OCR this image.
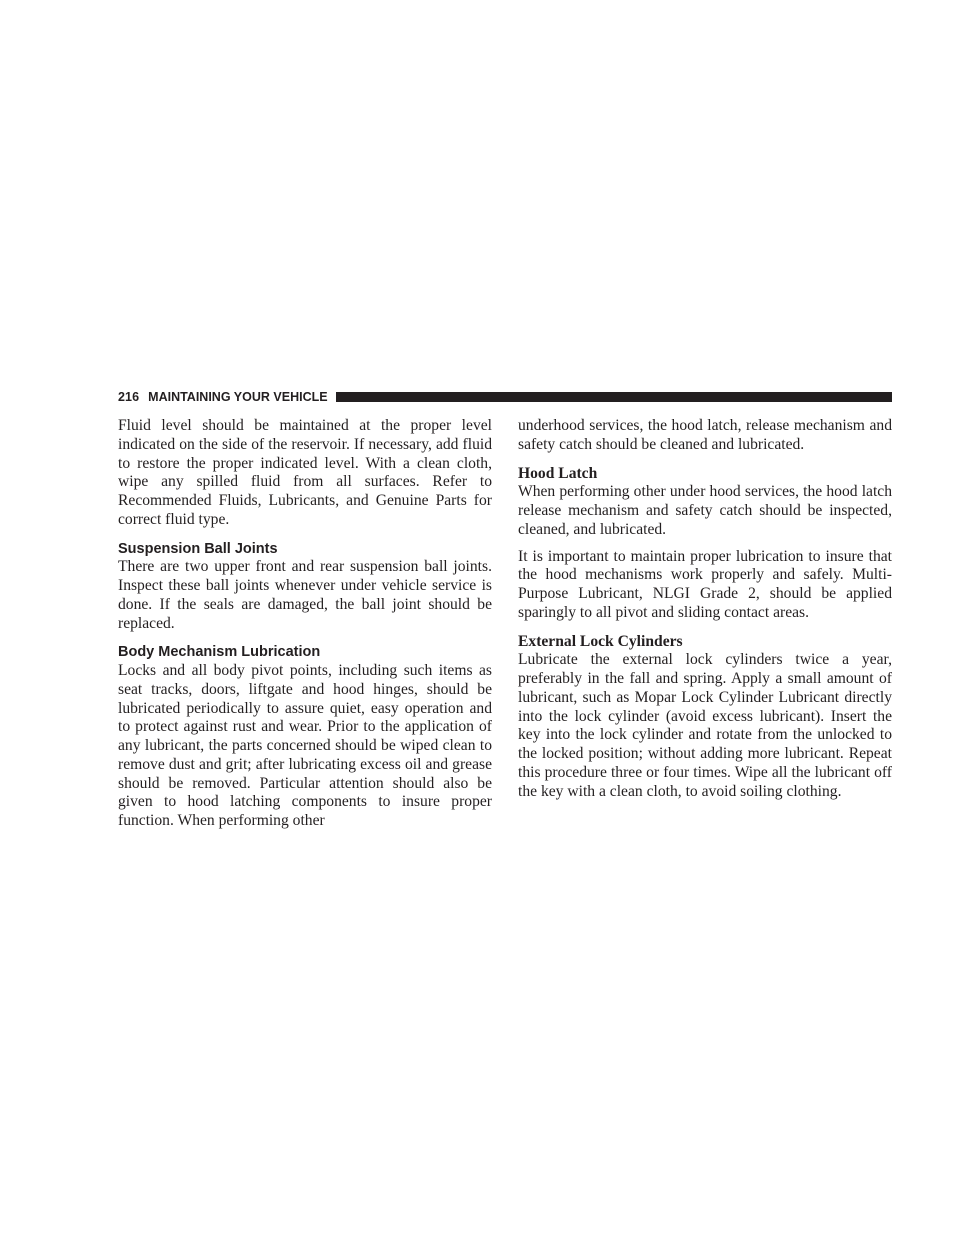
216 MAINTAINING YOUR VEHICLE

Fluid level should be maintained at the proper level indicated on the side of the reservoir. If necessary, add fluid to restore the proper indicated level. With a clean cloth, wipe any spilled fluid from all surfaces. Refer to Recommended Fluids, Lubricants, and Genuine Parts for correct fluid type.

Suspension Ball Joints

There are two upper front and rear suspension ball joints. Inspect these ball joints whenever under vehicle service is done. If the seals are damaged, the ball joint should be replaced.

Body Mechanism Lubrication

Locks and all body pivot points, including such items as seat tracks, doors, liftgate and hood hinges, should be lubricated periodically to assure quiet, easy operation and to protect against rust and wear. Prior to the application of any lubricant, the parts concerned should be wiped clean to remove dust and grit; after lubricating excess oil and grease should be removed. Particular attention should also be given to hood latching components to insure proper function. When performing other

underhood services, the hood latch, release mechanism and safety catch should be cleaned and lubricated.

Hood Latch

When performing other under hood services, the hood latch release mechanism and safety catch should be inspected, cleaned, and lubricated.

It is important to maintain proper lubrication to insure that the hood mechanisms work properly and safely. Multi-Purpose Lubricant, NLGI Grade 2, should be applied sparingly to all pivot and sliding contact areas.

External Lock Cylinders

Lubricate the external lock cylinders twice a year, preferably in the fall and spring. Apply a small amount of lubricant, such as Mopar Lock Cylinder Lubricant directly into the lock cylinder (avoid excess lubricant). Insert the key into the lock cylinder and rotate from the unlocked to the locked position; without adding more lubricant. Repeat this procedure three or four times. Wipe all the lubricant off the key with a clean cloth, to avoid soiling clothing.
